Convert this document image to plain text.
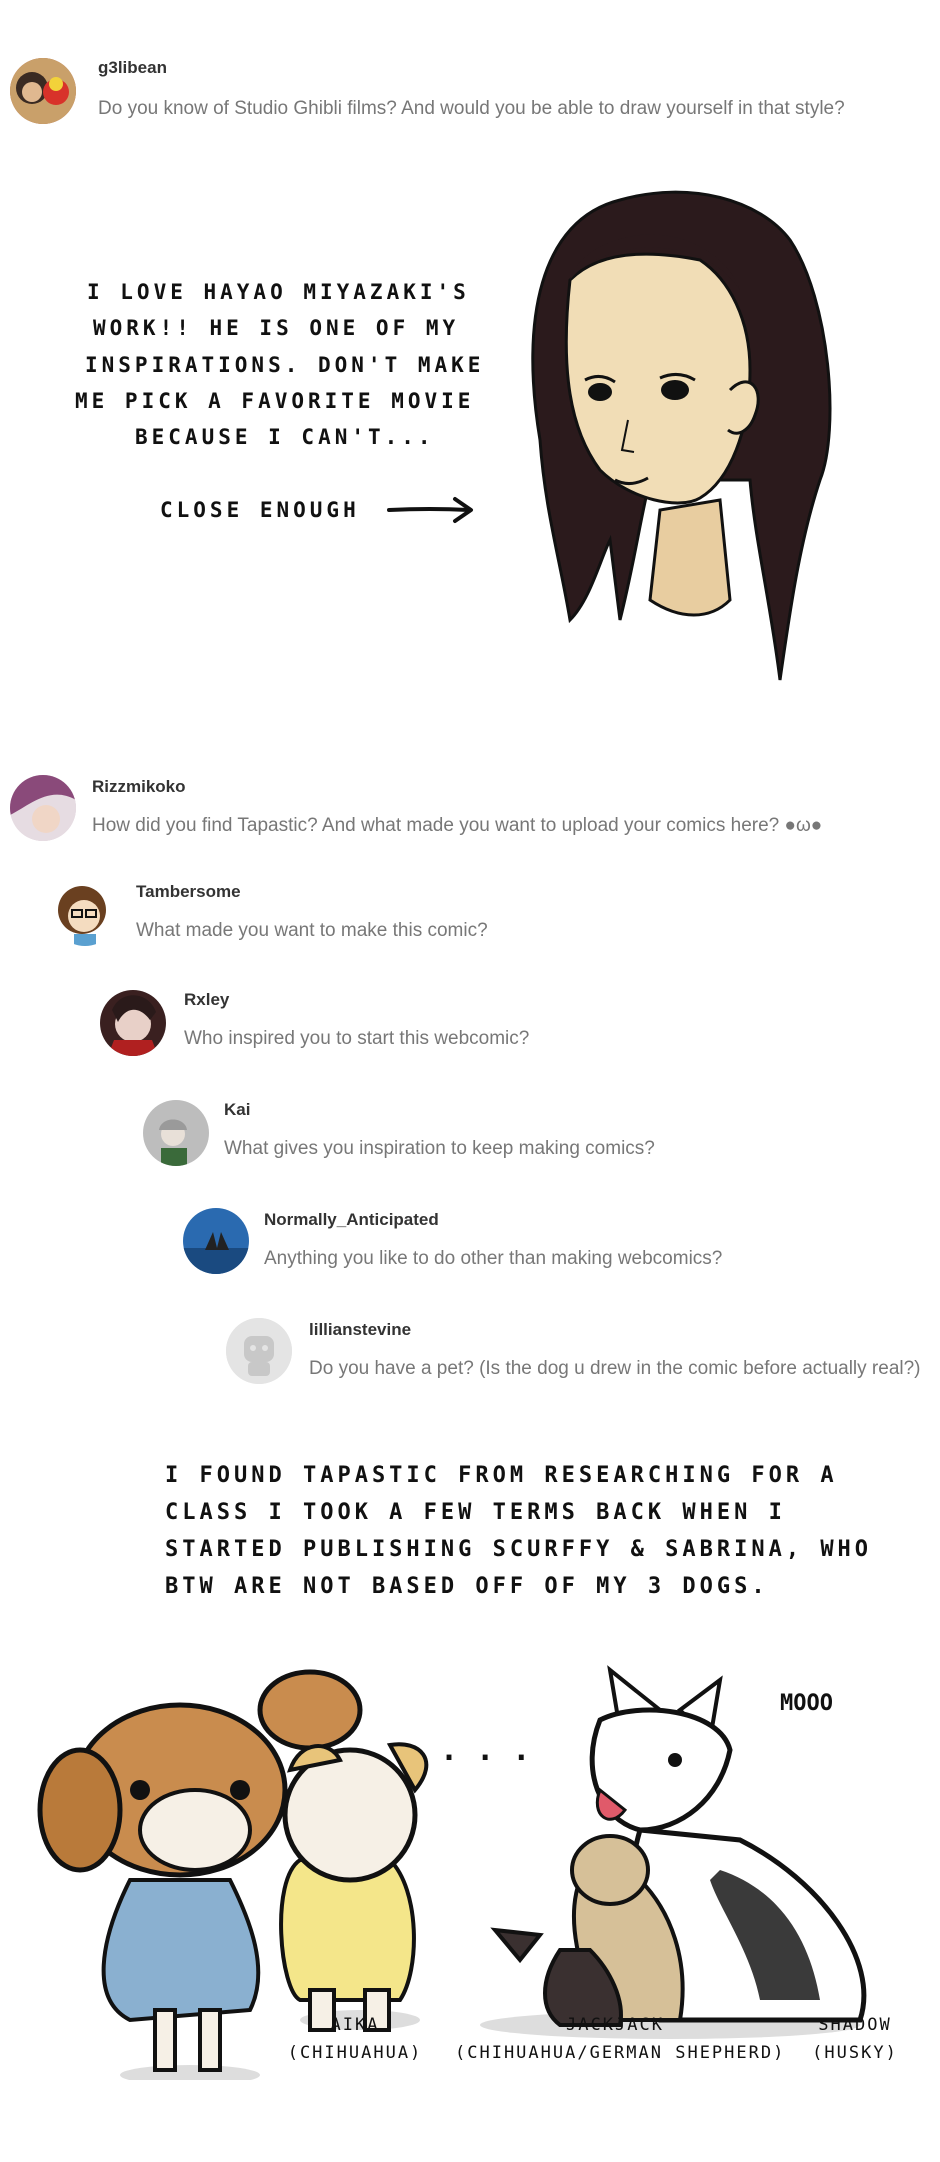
g3libean
Do you know of Studio Ghibli films? And would you be able to draw yourself in that style?
I LOVE HAYAO MIYAZAKI'S
WORK!! HE IS ONE OF MY
INSPIRATIONS. DON'T MAKE
ME PICK A FAVORITE MOVIE
BECAUSE I CAN'T...
CLOSE ENOUGH
Rizzmikoko
How did you find Tapastic? And what made you want to upload your comics here? ●ω●
Tambersome
What made you want to make this comic?
Rxley
Who inspired you to start this webcomic?
Kai
What gives you inspiration to keep making comics?
Normally_Anticipated
Anything you like to do other than making webcomics?
lillianstevine
Do you have a pet? (Is the dog u drew in the comic before actually real?)
I FOUND TAPASTIC FROM RESEARCHING FOR A
CLASS I TOOK A FEW TERMS BACK WHEN I
STARTED PUBLISHING SCURFFY & SABRINA, WHO
BTW ARE NOT BASED OFF OF MY 3 DOGS.
. . .
MOOO
AIKA
(CHIHUAHUA)
JACKJACK
(CHIHUAHUA/GERMAN SHEPHERD)
SHADOW
(HUSKY)
